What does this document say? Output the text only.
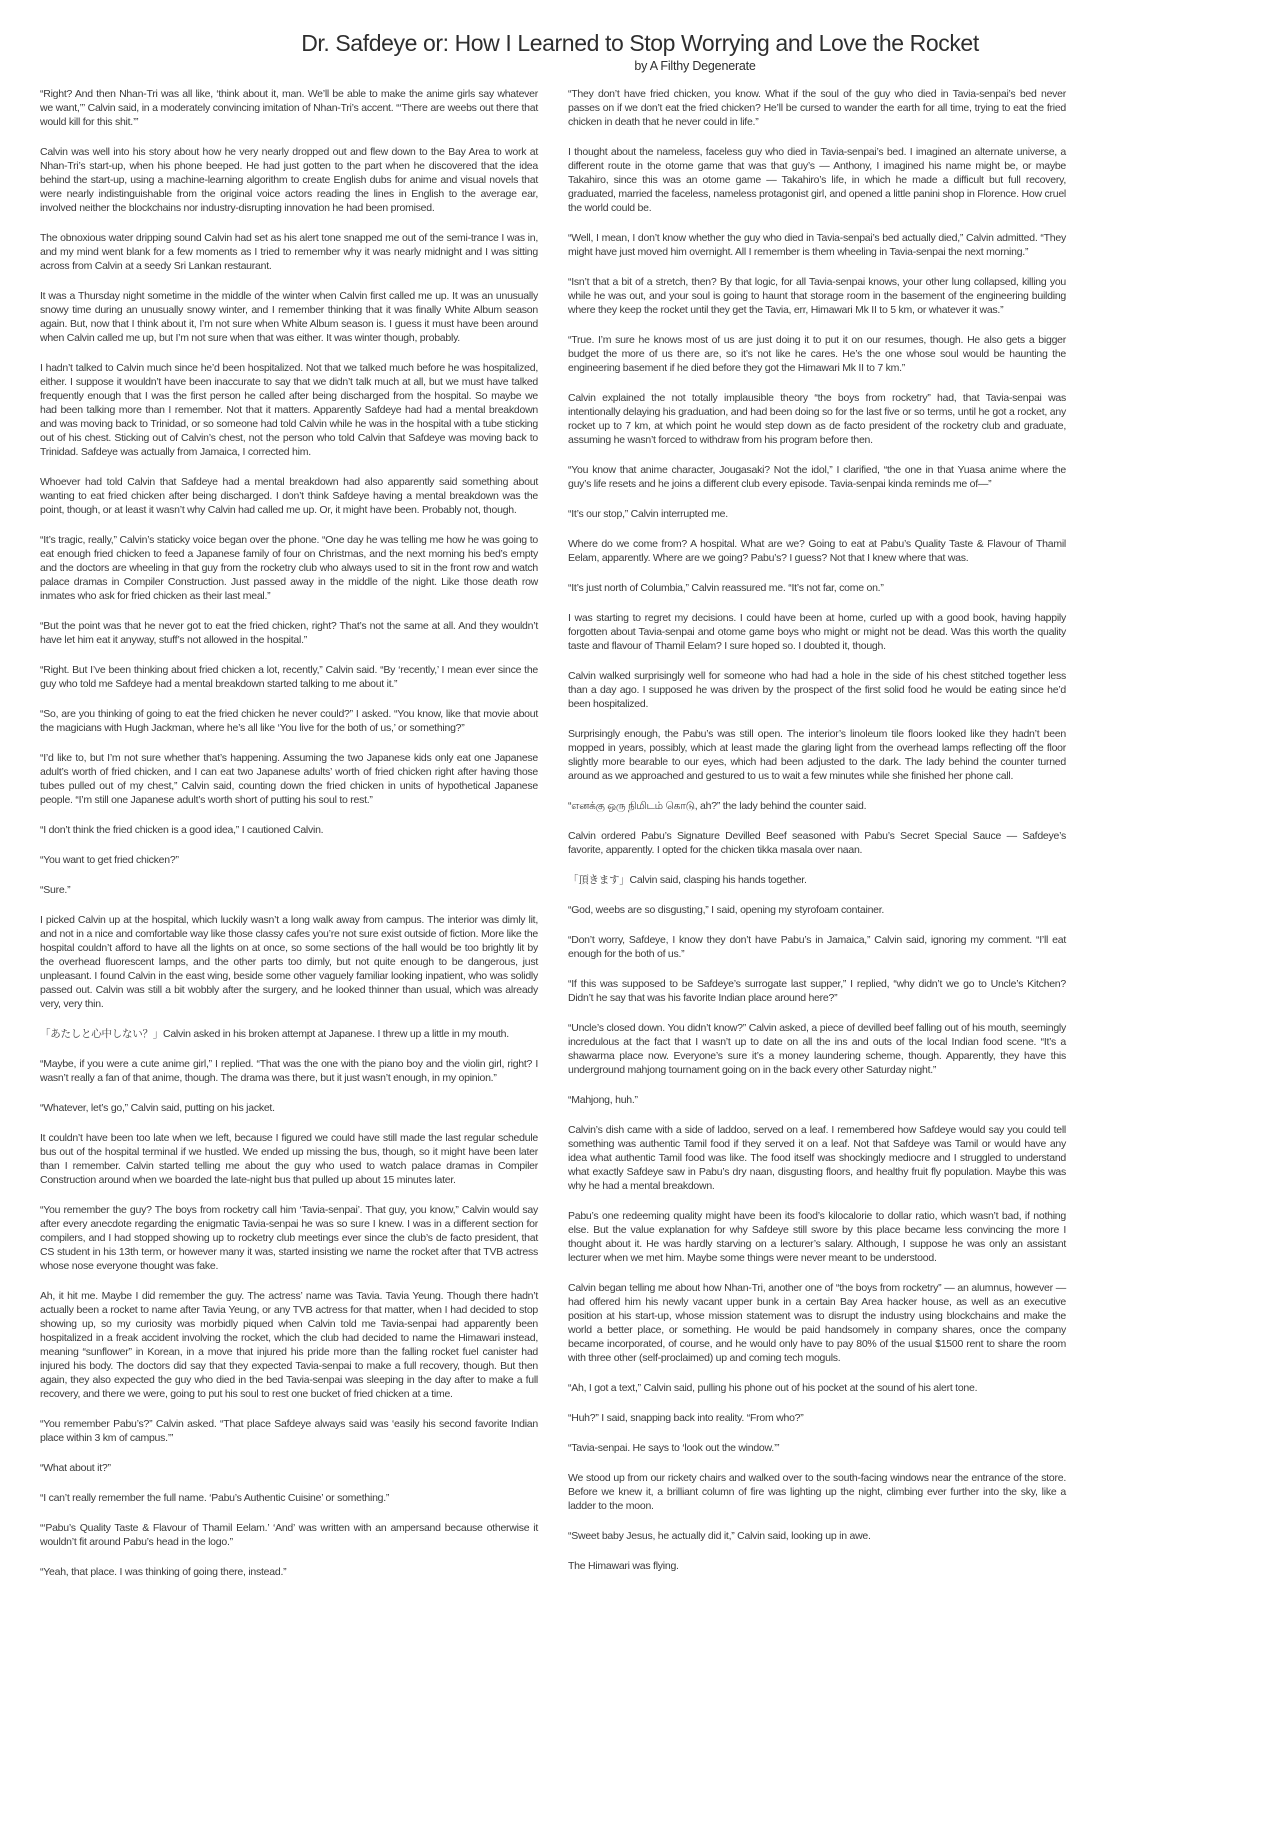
Dr. Safdeye or: How I Learned to Stop Worrying and Love the Rocket
by A Filthy Degenerate

“Right? And then Nhan-Tri was all like, ‘think about it, man. We’ll be able to make the anime girls say whatever we want,’” Calvin said, in a moderately convincing imitation of Nhan-Tri’s accent. “‘There are weebs out there that would kill for this shit.’”

Calvin was well into his story about how he very nearly dropped out and flew down to the Bay Area to work at Nhan-Tri’s start-up, when his phone beeped. He had just gotten to the part when he discovered that the idea behind the start-up, using a machine-learning algorithm to create English dubs for anime and visual novels that were nearly indistinguishable from the original voice actors reading the lines in English to the average ear, involved neither the blockchains nor industry-disrupting innovation he had been promised.

The obnoxious water dripping sound Calvin had set as his alert tone snapped me out of the semi-trance I was in, and my mind went blank for a few moments as I tried to remember why it was nearly midnight and I was sitting across from Calvin at a seedy Sri Lankan restaurant.

It was a Thursday night sometime in the middle of the winter when Calvin first called me up. It was an unusually snowy time during an unusually snowy winter, and I remember thinking that it was finally White Album season again. But, now that I think about it, I’m not sure when White Album season is. I guess it must have been around when Calvin called me up, but I’m not sure when that was either. It was winter though, probably.

I hadn’t talked to Calvin much since he’d been hospitalized. Not that we talked much before he was hospitalized, either. I suppose it wouldn’t have been inaccurate to say that we didn’t talk much at all, but we must have talked frequently enough that I was the first person he called after being discharged from the hospital. So maybe we had been talking more than I remember. Not that it matters. Apparently Safdeye had had a mental breakdown and was moving back to Trinidad, or so someone had told Calvin while he was in the hospital with a tube sticking out of his chest. Sticking out of Calvin’s chest, not the person who told Calvin that Safdeye was moving back to Trinidad. Safdeye was actually from Jamaica, I corrected him.

Whoever had told Calvin that Safdeye had a mental breakdown had also apparently said something about wanting to eat fried chicken after being discharged. I don’t think Safdeye having a mental breakdown was the point, though, or at least it wasn’t why Calvin had called me up. Or, it might have been. Probably not, though.

“It’s tragic, really,” Calvin’s staticky voice began over the phone. “One day he was telling me how he was going to eat enough fried chicken to feed a Japanese family of four on Christmas, and the next morning his bed’s empty and the doctors are wheeling in that guy from the rocketry club who always used to sit in the front row and watch palace dramas in Compiler Construction. Just passed away in the middle of the night. Like those death row inmates who ask for fried chicken as their last meal.”

“But the point was that he never got to eat the fried chicken, right? That’s not the same at all. And they wouldn’t have let him eat it anyway, stuff’s not allowed in the hospital.”

“Right. But I’ve been thinking about fried chicken a lot, recently,” Calvin said. “By ‘recently,’ I mean ever since the guy who told me Safdeye had a mental breakdown started talking to me about it.”

“So, are you thinking of going to eat the fried chicken he never could?” I asked. “You know, like that movie about the magicians with Hugh Jackman, where he’s all like ‘You live for the both of us,’ or something?”

“I’d like to, but I’m not sure whether that’s happening. Assuming the two Japanese kids only eat one Japanese adult’s worth of fried chicken, and I can eat two Japanese adults’ worth of fried chicken right after having those tubes pulled out of my chest,” Calvin said, counting down the fried chicken in units of hypothetical Japanese people. “I’m still one Japanese adult’s worth short of putting his soul to rest.”

“I don’t think the fried chicken is a good idea,” I cautioned Calvin.

“You want to get fried chicken?”

“Sure.”

I picked Calvin up at the hospital, which luckily wasn’t a long walk away from campus. The interior was dimly lit, and not in a nice and comfortable way like those classy cafes you’re not sure exist outside of fiction. More like the hospital couldn’t afford to have all the lights on at once, so some sections of the hall would be too brightly lit by the overhead fluorescent lamps, and the other parts too dimly, but not quite enough to be dangerous, just unpleasant. I found Calvin in the east wing, beside some other vaguely familiar looking inpatient, who was solidly passed out. Calvin was still a bit wobbly after the surgery, and he looked thinner than usual, which was already very, very thin.

「あたしと心中しない？」Calvin asked in his broken attempt at Japanese. I threw up a little in my mouth.

“Maybe, if you were a cute anime girl,” I replied. “That was the one with the piano boy and the violin girl, right? I wasn’t really a fan of that anime, though. The drama was there, but it just wasn’t enough, in my opinion.”

“Whatever, let’s go,” Calvin said, putting on his jacket.

It couldn’t have been too late when we left, because I figured we could have still made the last regular schedule bus out of the hospital terminal if we hustled. We ended up missing the bus, though, so it might have been later than I remember. Calvin started telling me about the guy who used to watch palace dramas in Compiler Construction around when we boarded the late-night bus that pulled up about 15 minutes later.

“You remember the guy? The boys from rocketry call him ‘Tavia-senpai’. That guy, you know,” Calvin would say after every anecdote regarding the enigmatic Tavia-senpai he was so sure I knew. I was in a different section for compilers, and I had stopped showing up to rocketry club meetings ever since the club’s de facto president, that CS student in his 13th term, or however many it was, started insisting we name the rocket after that TVB actress whose nose everyone thought was fake.

Ah, it hit me. Maybe I did remember the guy. The actress’ name was Tavia. Tavia Yeung. Though there hadn’t actually been a rocket to name after Tavia Yeung, or any TVB actress for that matter, when I had decided to stop showing up, so my curiosity was morbidly piqued when Calvin told me Tavia-senpai had apparently been hospitalized in a freak accident involving the rocket, which the club had decided to name the Himawari instead, meaning “sunflower” in Korean, in a move that injured his pride more than the falling rocket fuel canister had injured his body. The doctors did say that they expected Tavia-senpai to make a full recovery, though. But then again, they also expected the guy who died in the bed Tavia-senpai was sleeping in the day after to make a full recovery, and there we were, going to put his soul to rest one bucket of fried chicken at a time.

“You remember Pabu’s?” Calvin asked. “That place Safdeye always said was ‘easily his second favorite Indian place within 3 km of campus.’”

“What about it?”

“I can’t really remember the full name. ‘Pabu’s Authentic Cuisine’ or something.”

“‘Pabu’s Quality Taste & Flavour of Thamil Eelam.’ ‘And’ was written with an ampersand because otherwise it wouldn’t fit around Pabu’s head in the logo.”

“Yeah, that place. I was thinking of going there, instead.”

“They don’t have fried chicken, you know. What if the soul of the guy who died in Tavia-senpai’s bed never passes on if we don’t eat the fried chicken? He’ll be cursed to wander the earth for all time, trying to eat the fried chicken in death that he never could in life.”

I thought about the nameless, faceless guy who died in Tavia-senpai’s bed. I imagined an alternate universe, a different route in the otome game that was that guy’s — Anthony, I imagined his name might be, or maybe Takahiro, since this was an otome game — Takahiro’s life, in which he made a difficult but full recovery, graduated, married the faceless, nameless protagonist girl, and opened a little panini shop in Florence. How cruel the world could be.

“Well, I mean, I don’t know whether the guy who died in Tavia-senpai’s bed actually died,” Calvin admitted. “They might have just moved him overnight. All I remember is them wheeling in Tavia-senpai the next morning.”

“Isn’t that a bit of a stretch, then? By that logic, for all Tavia-senpai knows, your other lung collapsed, killing you while he was out, and your soul is going to haunt that storage room in the basement of the engineering building where they keep the rocket until they get the Tavia, err, Himawari Mk II to 5 km, or whatever it was.”

“True. I’m sure he knows most of us are just doing it to put it on our resumes, though. He also gets a bigger budget the more of us there are, so it’s not like he cares. He’s the one whose soul would be haunting the engineering basement if he died before they got the Himawari Mk II to 7 km.”

Calvin explained the not totally implausible theory “the boys from rocketry” had, that Tavia-senpai was intentionally delaying his graduation, and had been doing so for the last five or so terms, until he got a rocket, any rocket up to 7 km, at which point he would step down as de facto president of the rocketry club and graduate, assuming he wasn’t forced to withdraw from his program before then.

“You know that anime character, Jougasaki? Not the idol,” I clarified, “the one in that Yuasa anime where the guy’s life resets and he joins a different club every episode. Tavia-senpai kinda reminds me of—”

“It’s our stop,” Calvin interrupted me.

Where do we come from? A hospital. What are we? Going to eat at Pabu’s Quality Taste & Flavour of Thamil Eelam, apparently. Where are we going? Pabu’s? I guess? Not that I knew where that was.

“It’s just north of Columbia,” Calvin reassured me. “It’s not far, come on.”

I was starting to regret my decisions. I could have been at home, curled up with a good book, having happily forgotten about Tavia-senpai and otome game boys who might or might not be dead. Was this worth the quality taste and flavour of Thamil Eelam? I sure hoped so. I doubted it, though.

Calvin walked surprisingly well for someone who had had a hole in the side of his chest stitched together less than a day ago. I supposed he was driven by the prospect of the first solid food he would be eating since he’d been hospitalized.

Surprisingly enough, the Pabu’s was still open. The interior’s linoleum tile floors looked like they hadn’t been mopped in years, possibly, which at least made the glaring light from the overhead lamps reflecting off the floor slightly more bearable to our eyes, which had been adjusted to the dark. The lady behind the counter turned around as we approached and gestured to us to wait a few minutes while she finished her phone call.

“எனக்கு ஒரு நிமிடம் கொடு, ah?” the lady behind the counter said.

Calvin ordered Pabu’s Signature Devilled Beef seasoned with Pabu’s Secret Special Sauce — Safdeye’s favorite, apparently. I opted for the chicken tikka masala over naan.

「頂きます」Calvin said, clasping his hands together.

“God, weebs are so disgusting,” I said, opening my styrofoam container.

“Don’t worry, Safdeye, I know they don’t have Pabu’s in Jamaica,” Calvin said, ignoring my comment. “I’ll eat enough for the both of us.”

“If this was supposed to be Safdeye’s surrogate last supper,” I replied, “why didn’t we go to Uncle’s Kitchen? Didn’t he say that was his favorite Indian place around here?”

“Uncle’s closed down. You didn’t know?” Calvin asked, a piece of devilled beef falling out of his mouth, seemingly incredulous at the fact that I wasn’t up to date on all the ins and outs of the local Indian food scene. “It’s a shawarma place now. Everyone’s sure it’s a money laundering scheme, though. Apparently, they have this underground mahjong tournament going on in the back every other Saturday night.”

“Mahjong, huh.”

Calvin’s dish came with a side of laddoo, served on a leaf. I remembered how Safdeye would say you could tell something was authentic Tamil food if they served it on a leaf. Not that Safdeye was Tamil or would have any idea what authentic Tamil food was like. The food itself was shockingly mediocre and I struggled to understand what exactly Safdeye saw in Pabu’s dry naan, disgusting floors, and healthy fruit fly population. Maybe this was why he had a mental breakdown.

Pabu’s one redeeming quality might have been its food’s kilocalorie to dollar ratio, which wasn’t bad, if nothing else. But the value explanation for why Safdeye still swore by this place became less convincing the more I thought about it. He was hardly starving on a lecturer’s salary. Although, I suppose he was only an assistant lecturer when we met him. Maybe some things were never meant to be understood.

Calvin began telling me about how Nhan-Tri, another one of “the boys from rocketry” — an alumnus, however — had offered him his newly vacant upper bunk in a certain Bay Area hacker house, as well as an executive position at his start-up, whose mission statement was to disrupt the industry using blockchains and make the world a better place, or something. He would be paid handsomely in company shares, once the company became incorporated, of course, and he would only have to pay 80% of the usual $1500 rent to share the room with three other (self-proclaimed) up and coming tech moguls.

“Ah, I got a text,” Calvin said, pulling his phone out of his pocket at the sound of his alert tone.

“Huh?” I said, snapping back into reality. “From who?”

“Tavia-senpai. He says to ‘look out the window.’”

We stood up from our rickety chairs and walked over to the south-facing windows near the entrance of the store. Before we knew it, a brilliant column of fire was lighting up the night, climbing ever further into the sky, like a ladder to the moon.

“Sweet baby Jesus, he actually did it,” Calvin said, looking up in awe.

The Himawari was flying.
